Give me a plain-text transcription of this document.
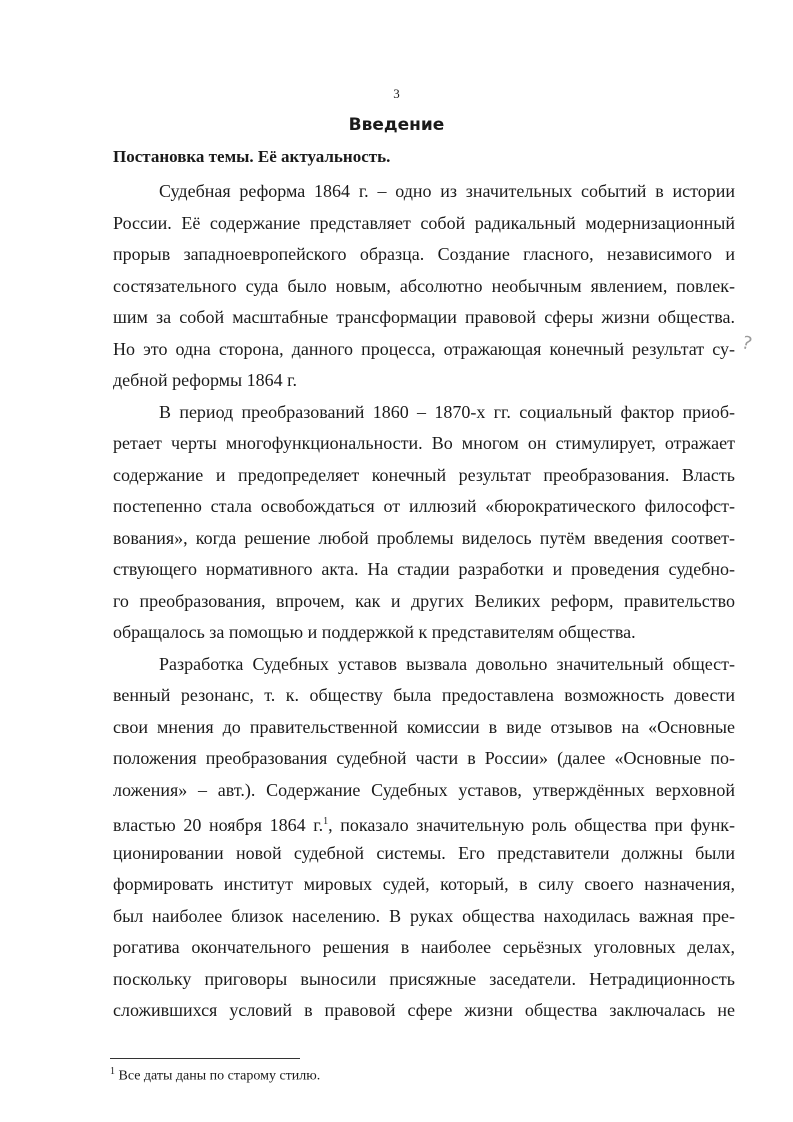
3
Введение
Постановка темы. Её актуальность.
Судебная реформа 1864 г. – одно из значительных событий в истории
России. Её содержание представляет собой радикальный модернизационный
прорыв западноевропейского образца. Создание гласного, независимого и
состязательного суда было новым, абсолютно необычным явлением, повлек-
шим за собой масштабные трансформации правовой сферы жизни общества.
Но это одна сторона, данного процесса, отражающая конечный результат су-
дебной реформы 1864 г.
В период преобразований 1860 – 1870-х гг. социальный фактор приоб-
ретает черты многофункциональности. Во многом он стимулирует, отражает
содержание и предопределяет конечный результат преобразования. Власть
постепенно стала освобождаться от иллюзий «бюрократического философст-
вования», когда решение любой проблемы виделось путём введения соответ-
ствующего нормативного акта. На стадии разработки и проведения судебно-
го преобразования, впрочем, как и других Великих реформ, правительство
обращалось за помощью и поддержкой к представителям общества.
Разработка Судебных уставов вызвала довольно значительный общест-
венный резонанс, т. к. обществу была предоставлена возможность довести
свои мнения до правительственной комиссии в виде отзывов на «Основные
положения преобразования судебной части в России» (далее «Основные по-
ложения» – авт.). Содержание Судебных уставов, утверждённых верховной
властью 20 ноября 1864 г.$^1$, показало значительную роль общества при функ-
ционировании новой судебной системы. Его представители должны были
формировать институт мировых судей, который, в силу своего назначения,
был наиболее близок населению. В руках общества находилась важная пре-
рогатива окончательного решения в наиболее серьёзных уголовных делах,
поскольку приговоры выносили присяжные заседатели. Нетрадиционность
сложившихся условий в правовой сфере жизни общества заключалась не
?
$^1$ Все даты даны по старому стилю.
